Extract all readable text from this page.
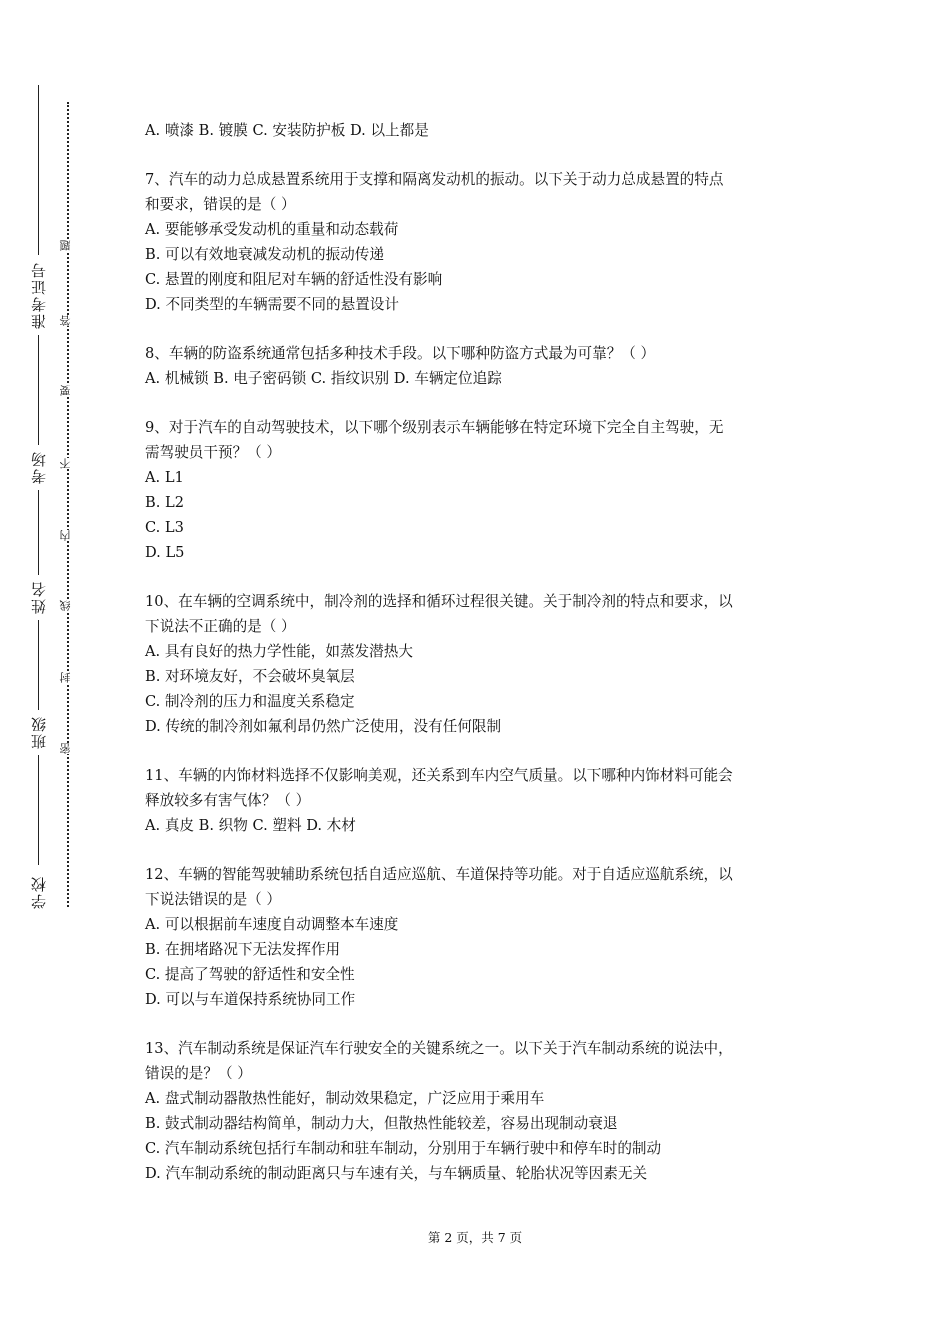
准考证号
考场
姓名
班级
学校
题
答
要
不
内
线
封
密

A. 喷漆 B. 镀膜 C. 安装防护板 D. 以上都是

7、汽车的动力总成悬置系统用于支撑和隔离发动机的振动。以下关于动力总成悬置的特点

和要求，错误的是（ ）

A. 要能够承受发动机的重量和动态载荷

B. 可以有效地衰减发动机的振动传递

C. 悬置的刚度和阻尼对车辆的舒适性没有影响

D. 不同类型的车辆需要不同的悬置设计

8、车辆的防盗系统通常包括多种技术手段。以下哪种防盗方式最为可靠？（ ）

A. 机械锁 B. 电子密码锁 C. 指纹识别 D. 车辆定位追踪

9、对于汽车的自动驾驶技术，以下哪个级别表示车辆能够在特定环境下完全自主驾驶，无

需驾驶员干预？（ ）

A. L1

B. L2

C. L3

D. L5

10、在车辆的空调系统中，制冷剂的选择和循环过程很关键。关于制冷剂的特点和要求，以

下说法不正确的是（ ）

A. 具有良好的热力学性能，如蒸发潜热大

B. 对环境友好，不会破坏臭氧层

C. 制冷剂的压力和温度关系稳定

D. 传统的制冷剂如氟利昂仍然广泛使用，没有任何限制

11、车辆的内饰材料选择不仅影响美观，还关系到车内空气质量。以下哪种内饰材料可能会

释放较多有害气体？（ ）

A. 真皮 B. 织物 C. 塑料 D. 木材

12、车辆的智能驾驶辅助系统包括自适应巡航、车道保持等功能。对于自适应巡航系统，以

下说法错误的是（ ）

A. 可以根据前车速度自动调整本车速度

B. 在拥堵路况下无法发挥作用

C. 提高了驾驶的舒适性和安全性

D. 可以与车道保持系统协同工作

13、汽车制动系统是保证汽车行驶安全的关键系统之一。以下关于汽车制动系统的说法中，

错误的是？（ ）

A. 盘式制动器散热性能好，制动效果稳定，广泛应用于乘用车

B. 鼓式制动器结构简单，制动力大，但散热性能较差，容易出现制动衰退

C. 汽车制动系统包括行车制动和驻车制动，分别用于车辆行驶中和停车时的制动

D. 汽车制动系统的制动距离只与车速有关，与车辆质量、轮胎状况等因素无关

第 2 页，共 7 页
